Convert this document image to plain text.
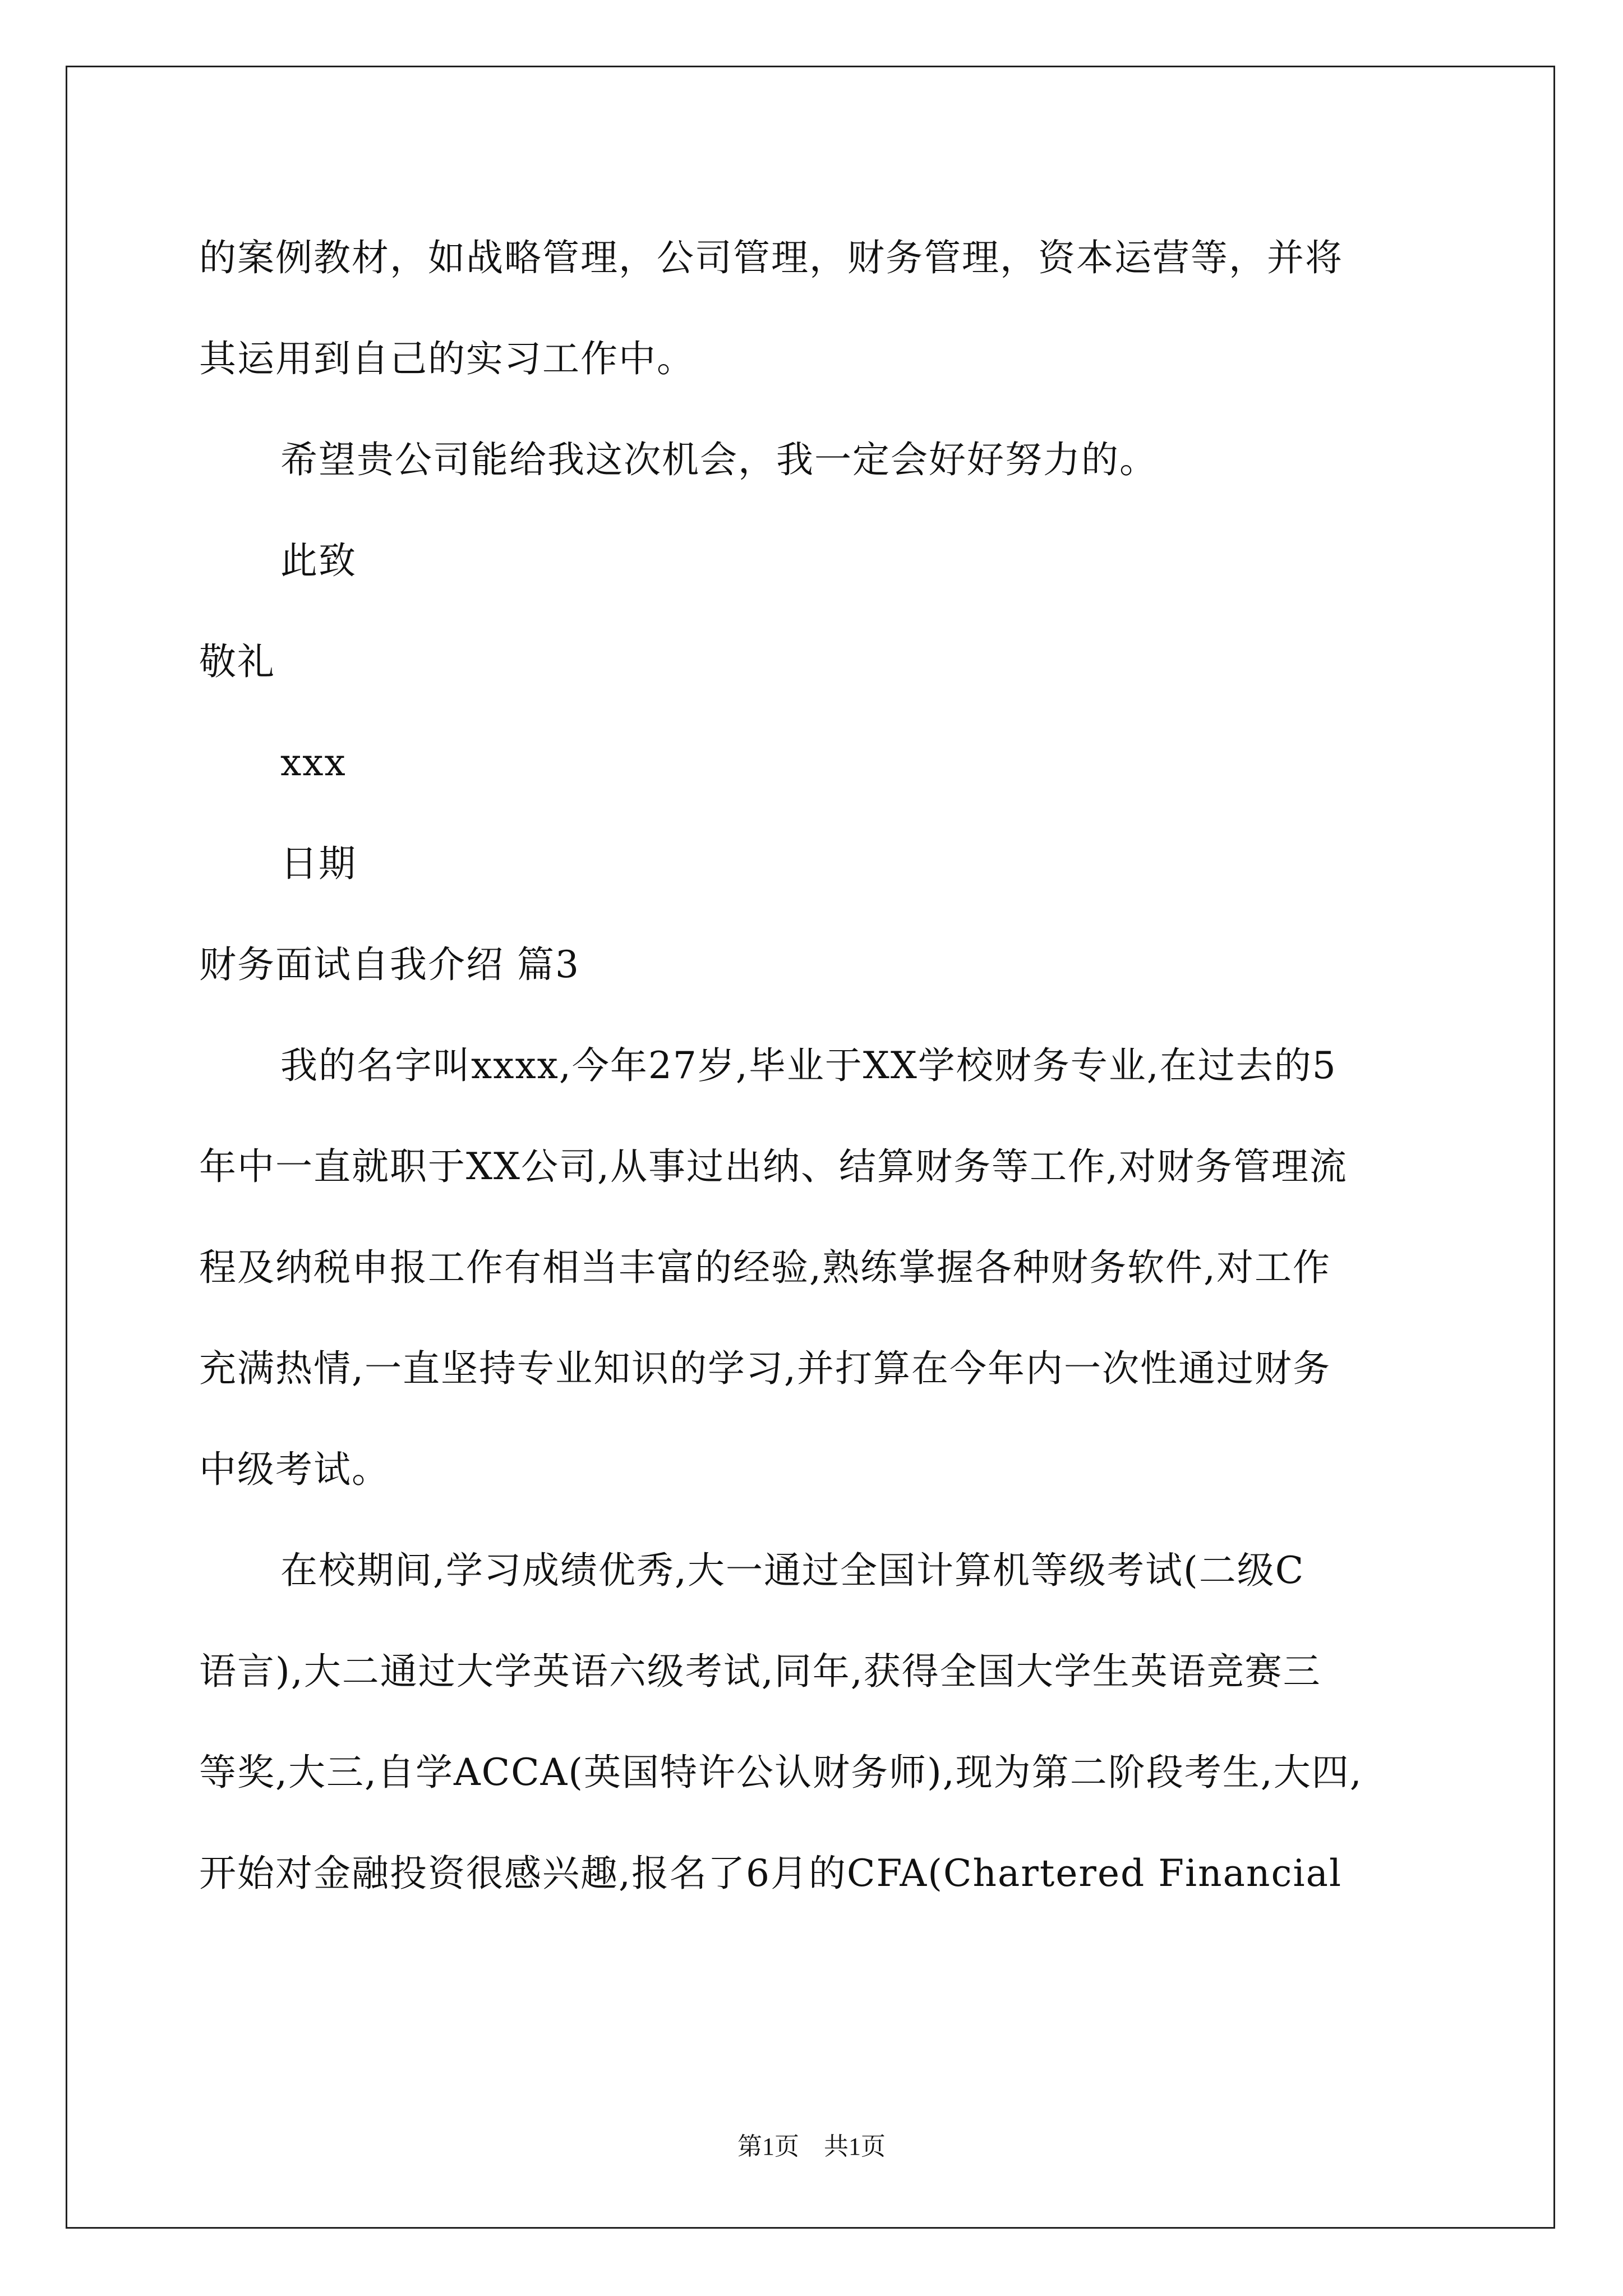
的案例教材，如战略管理，公司管理，财务管理，资本运营等，并将
其运用到自己的实习工作中。
希望贵公司能给我这次机会，我一定会好好努力的。
此致
敬礼
xxx
日期
财务面试自我介绍 篇3
我的名字叫xxxx,今年27岁,毕业于XX学校财务专业,在过去的5
年中一直就职于XX公司,从事过出纳、结算财务等工作,对财务管理流
程及纳税申报工作有相当丰富的经验,熟练掌握各种财务软件,对工作
充满热情,一直坚持专业知识的学习,并打算在今年内一次性通过财务
中级考试。
在校期间,学习成绩优秀,大一通过全国计算机等级考试(二级C
语言),大二通过大学英语六级考试,同年,获得全国大学生英语竞赛三
等奖,大三,自学ACCA(英国特许公认财务师),现为第二阶段考生,大四,
开始对金融投资很感兴趣,报名了6月的CFA(Chartered Financial
第1页　共1页
